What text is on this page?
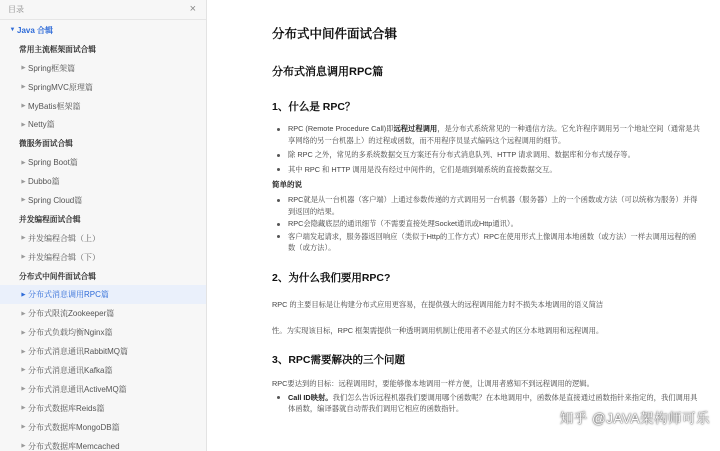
目录	×
▼ Java 合辑
常用主流框架面试合辑
▶ Spring框架篇
▶ SpringMVC原理篇
▶ MyBatis框架篇
▶ Netty篇
微服务面试合辑
▶ Spring Boot篇
▶ Dubbo篇
▶ Spring Cloud篇
并发编程面试合辑
▶ 并发编程合辑（上）
▶ 并发编程合辑（下）
分布式中间件面试合辑
▶ 分布式消息调用RPC篇
▶ 分布式限流Zookeeper篇
▶ 分布式负载均衡Nginx篇
▶ 分布式消息通讯RabbitMQ篇
▶ 分布式消息通讯Kafka篇
▶ 分布式消息通讯ActiveMQ篇
▶ 分布式数据库Reids篇
▶ 分布式数据库MongoDB篇
▶ 分布式数据库Memcached
分布式中间件面试合辑
分布式消息调用RPC篇
1、什么是 RPC？
RPC (Remote Procedure Call)即远程过程调用，是分布式系统常见的一种通信方法。它允许程序调用另一个地址空间（通常是共享网络的另一台机器上）的过程或函数，而不用程序员显式编码这个远程调用的细节。
除 RPC 之外，常见的多系统数据交互方案还有分布式消息队列、HTTP 请求调用、数据库和分布式缓存等。
其中 RPC 和 HTTP 调用是没有经过中间件的，它们是端到端系统的直接数据交互。
简单的说
RPC就是从一台机器（客户端）上通过参数传递的方式调用另一台机器（服务器）上的一个函数或方法（可以统称为服务）并得到返回的结果。
RPC会隐藏底层的通讯细节（不需要直接处理Socket通讯或Http通讯）。
客户端发起请求，服务器返回响应（类似于Http的工作方式）RPC在使用形式上像调用本地函数（或方法）一样去调用远程的函数（或方法）。
2、为什么我们要用RPC?

RPC 的主要目标是让构建分布式应用更容易，在提供强大的远程调用能力时不损失本地调用的语义简洁

性。为实现该目标，RPC 框架需提供一种透明调用机制让使用者不必显式的区分本地调用和远程调用。

3、RPC需要解决的三个问题

RPC要达到的目标：远程调用时，要能够像本地调用一样方便，让调用者感知不到远程调用的逻辑。

Call ID映射。我们怎么告诉远程机器我们要调用哪个函数呢？在本地调用中，函数体是直接通过函数指针来指定的，我们调用具体函数，编译器就自动帮我们调用它相应的函数指针。
知乎 @JAVA架构师可乐
